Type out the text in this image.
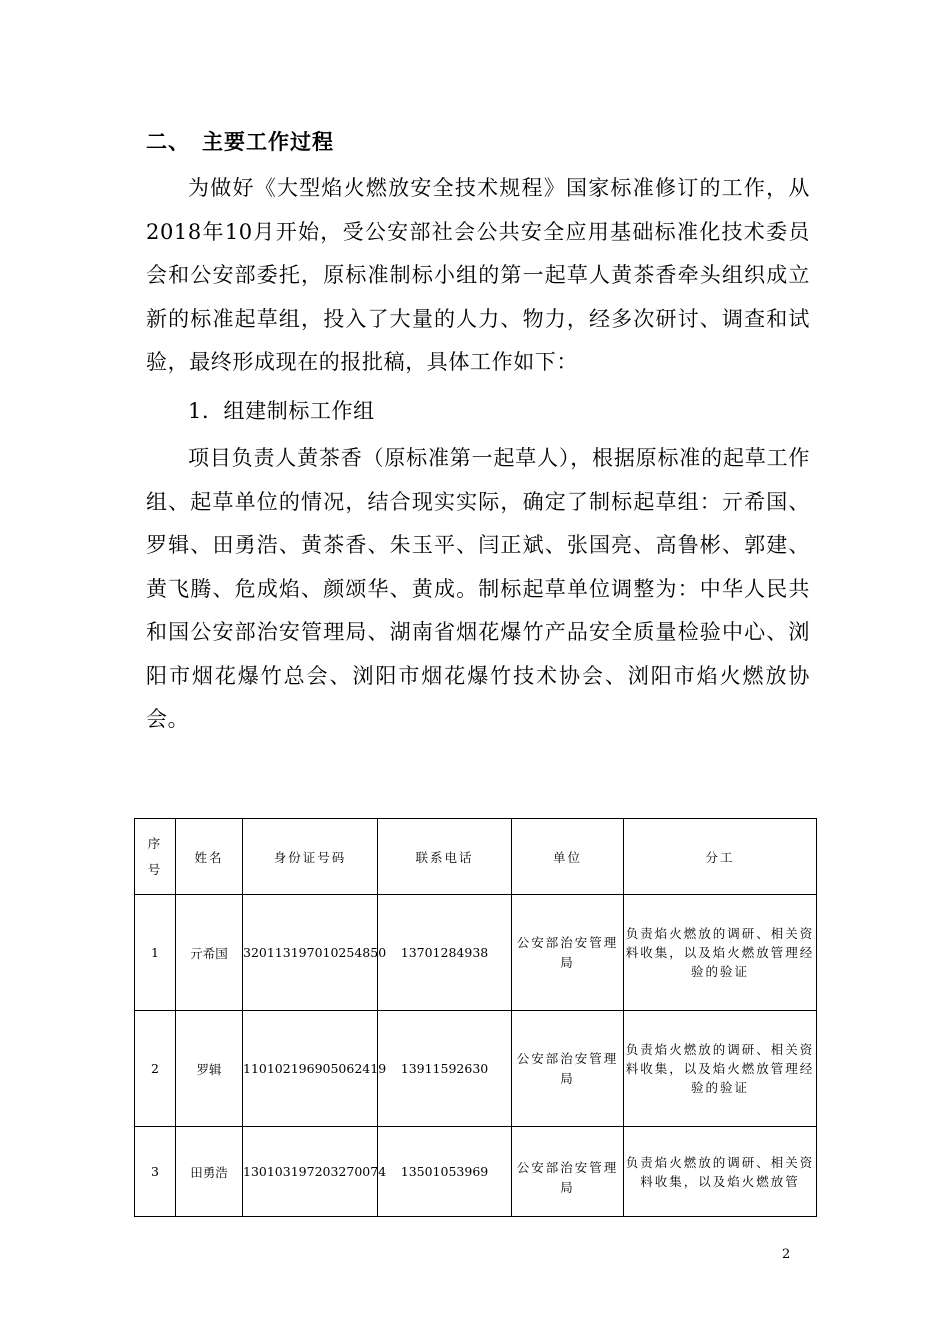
二、 主要工作过程

为做好《大型焰火燃放安全技术规程》国家标准修订的工作，从2018年10月开始，受公安部社会公共安全应用基础标准化技术委员会和公安部委托，原标准制标小组的第一起草人黄茶香牵头组织成立新的标准起草组，投入了大量的人力、物力，经多次研讨、调查和试验，最终形成现在的报批稿，具体工作如下：

1．组建制标工作组

项目负责人黄茶香（原标准第一起草人），根据原标准的起草工作组、起草单位的情况，结合现实实际，确定了制标起草组：亓希国、罗辑、田勇浩、黄茶香、朱玉平、闫正斌、张国亮、高鲁彬、郭建、黄飞腾、危成焰、颜颂华、黄成。制标起草单位调整为：中华人民共和国公安部治安管理局、湖南省烟花爆竹产品安全质量检验中心、浏阳市烟花爆竹总会、浏阳市烟花爆竹技术协会、浏阳市焰火燃放协会。

序
号	姓名	身份证号码	联系电话	单位	分工
1	亓希国	320113197010254850	13701284938	公安部治安管理局	负责焰火燃放的调研、相关资料收集，以及焰火燃放管理经验的验证

2	罗辑	110102196905062419	13911592630	公安部治安管理局	负责焰火燃放的调研、相关资料收集，以及焰火燃放管理经验的验证

3	田勇浩	130103197203270074	13501053969	公安部治安管理局	负责焰火燃放的调研、相关资料收集，以及焰火燃放管
2
